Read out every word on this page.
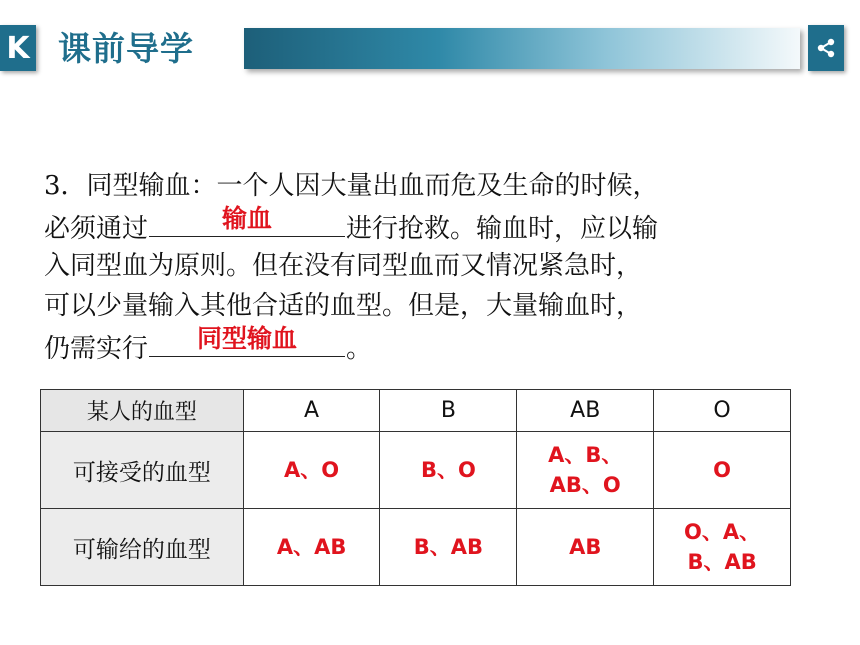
K 课前导学
3．同型输血：一个人因大量出血而危及生命的时候，
必须通过	输血	进行抢救。输血时，应以输
入同型血为原则。但在没有同型血而又情况紧急时，
可以少量输入其他合适的血型。但是，大量输血时，
仍需实行	同型输血	。
某人的血型	A	B	AB	O
可接受的血型	A、O	B、O	A、B、
AB、O	O

可输给的血型	A、AB	B、AB	AB	O、A、
B、AB
